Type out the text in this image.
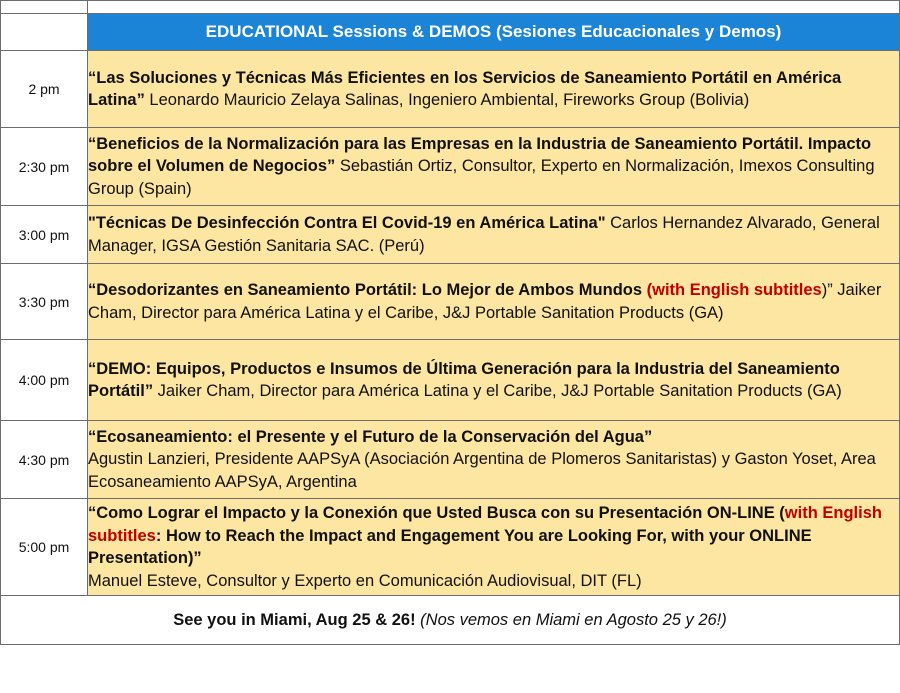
	EDUCATIONAL Sessions & DEMOS (Sesiones Educacionales y Demos)
2 pm	“Las Soluciones y Técnicas Más Eficientes en los Servicios de Saneamiento Portátil en América Latina” Leonardo Mauricio Zelaya Salinas, Ingeniero Ambiental, Fireworks Group (Bolivia)
2:30 pm	“Beneficios de la Normalización para las Empresas en la Industria de Saneamiento Portátil. Impacto sobre el Volumen de Negocios” Sebastián Ortiz, Consultor, Experto en Normalización, Imexos Consulting Group (Spain)
3:00 pm	"Técnicas De Desinfección Contra El Covid-19 en América Latina" Carlos Hernandez Alvarado, General Manager, IGSA Gestión Sanitaria SAC. (Perú)
3:30 pm	“Desodorizantes en Saneamiento Portátil: Lo Mejor de Ambos Mundos (with English subtitles)” Jaiker Cham, Director para América Latina y el Caribe, J&J Portable Sanitation Products (GA)
4:00 pm	“DEMO: Equipos, Productos e Insumos de Última Generación para la Industria del Saneamiento Portátil” Jaiker Cham, Director para América Latina y el Caribe, J&J Portable Sanitation Products (GA)
4:30 pm	“Ecosaneamiento: el Presente y el Futuro de la Conservación del Agua”
Agustin Lanzieri, Presidente AAPSyA (Asociación Argentina de Plomeros Sanitaristas) y Gaston Yoset, Area Ecosaneamiento AAPSyA, Argentina
5:00 pm	“Como Lograr el Impacto y la Conexión que Usted Busca con su Presentación ON-LINE (with English subtitles: How to Reach the Impact and Engagement You are Looking For, with your ONLINE Presentation)”
Manuel Esteve, Consultor y Experto en Comunicación Audiovisual, DIT (FL)
See you in Miami, Aug 25 & 26! (Nos vemos en Miami en Agosto 25 y 26!)	
